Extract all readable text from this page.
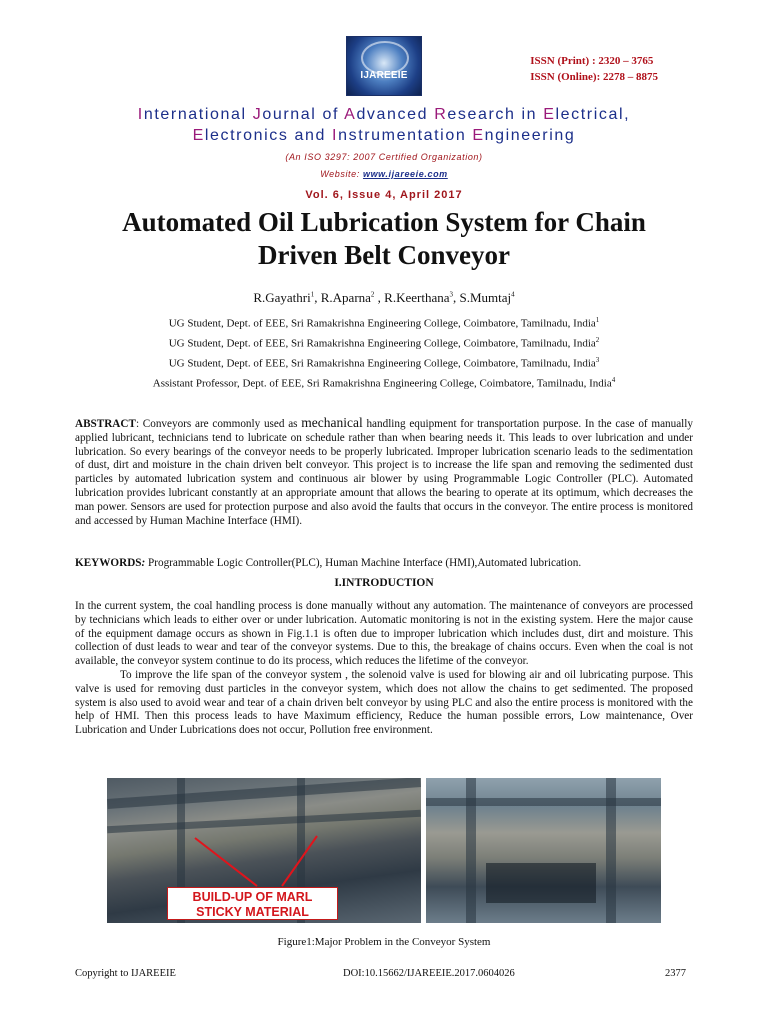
IJAREEIE
ISSN (Print) : 2320 – 3765
ISSN (Online): 2278 – 8875
International Journal of Advanced Research in Electrical,
Electronics and Instrumentation Engineering
(An ISO 3297: 2007 Certified Organization)
Website: www.ijareeie.com
Vol. 6, Issue 4, April 2017
Automated Oil Lubrication System for Chain
Driven Belt Conveyor
R.Gayathri$^1$, R.Aparna$^2$ , R.Keerthana$^3$, S.Mumtaj$^4$
UG Student, Dept. of EEE, Sri Ramakrishna Engineering College, Coimbatore, Tamilnadu, India$^1$
UG Student, Dept. of EEE, Sri Ramakrishna Engineering College, Coimbatore, Tamilnadu, India$^2$
UG Student, Dept. of EEE, Sri Ramakrishna Engineering College, Coimbatore, Tamilnadu, India$^3$
Assistant Professor, Dept. of EEE, Sri Ramakrishna Engineering College, Coimbatore, Tamilnadu, India$^4$

ABSTRACT: Conveyors are commonly used as mechanical handling equipment for transportation purpose. In the case of manually applied lubricant, technicians tend to lubricate on schedule rather than when bearing needs it. This leads to over lubrication and under lubrication. So every bearings of the conveyor needs to be properly lubricated. Improper lubrication scenario leads to the sedimentation of dust, dirt and moisture in the chain driven belt conveyor. This project is to increase the life span and removing the sedimented dust particles by automated lubrication system and continuous air blower by using Programmable Logic Controller (PLC). Automated lubrication provides lubricant constantly at an appropriate amount that allows the bearing to operate at its optimum, which decreases the man power. Sensors are used for protection purpose and also avoid the faults that occurs in the conveyor. The entire process is monitored and accessed by Human Machine Interface (HMI).

KEYWORDS: Programmable Logic Controller(PLC), Human Machine Interface (HMI),Automated lubrication.

I.INTRODUCTION

In the current system, the coal handling process is done manually without any automation. The maintenance of conveyors are processed by technicians which leads to either over or under lubrication. Automatic monitoring is not in the existing system. Here the major cause of the equipment damage occurs as shown in Fig.1.1 is often due to improper lubrication which includes dust, dirt and moisture. This collection of dust leads to wear and tear of the conveyor systems. Due to this, the breakage of chains occurs. Even when the coal is not available, the conveyor system continue to do its process, which reduces the lifetime of the conveyor.

To improve the life span of the conveyor system , the solenoid valve is used for blowing air and oil lubricating purpose. This valve is used for removing dust particles in the conveyor system, which does not allow the chains to get sedimented. The proposed system is also used to avoid wear and tear of a chain driven belt conveyor by using PLC and also the entire process is monitored with the help of HMI. Then this process leads to have Maximum efficiency, Reduce the human possible errors, Low maintenance, Over Lubrication and Under Lubrications does not occur, Pollution free environment.

BUILD-UP OF MARL
STICKY MATERIAL
Figure1:Major Problem in the Conveyor System
Copyright to IJAREEIE	DOI:10.15662/IJAREEIE.2017.0604026	2377
